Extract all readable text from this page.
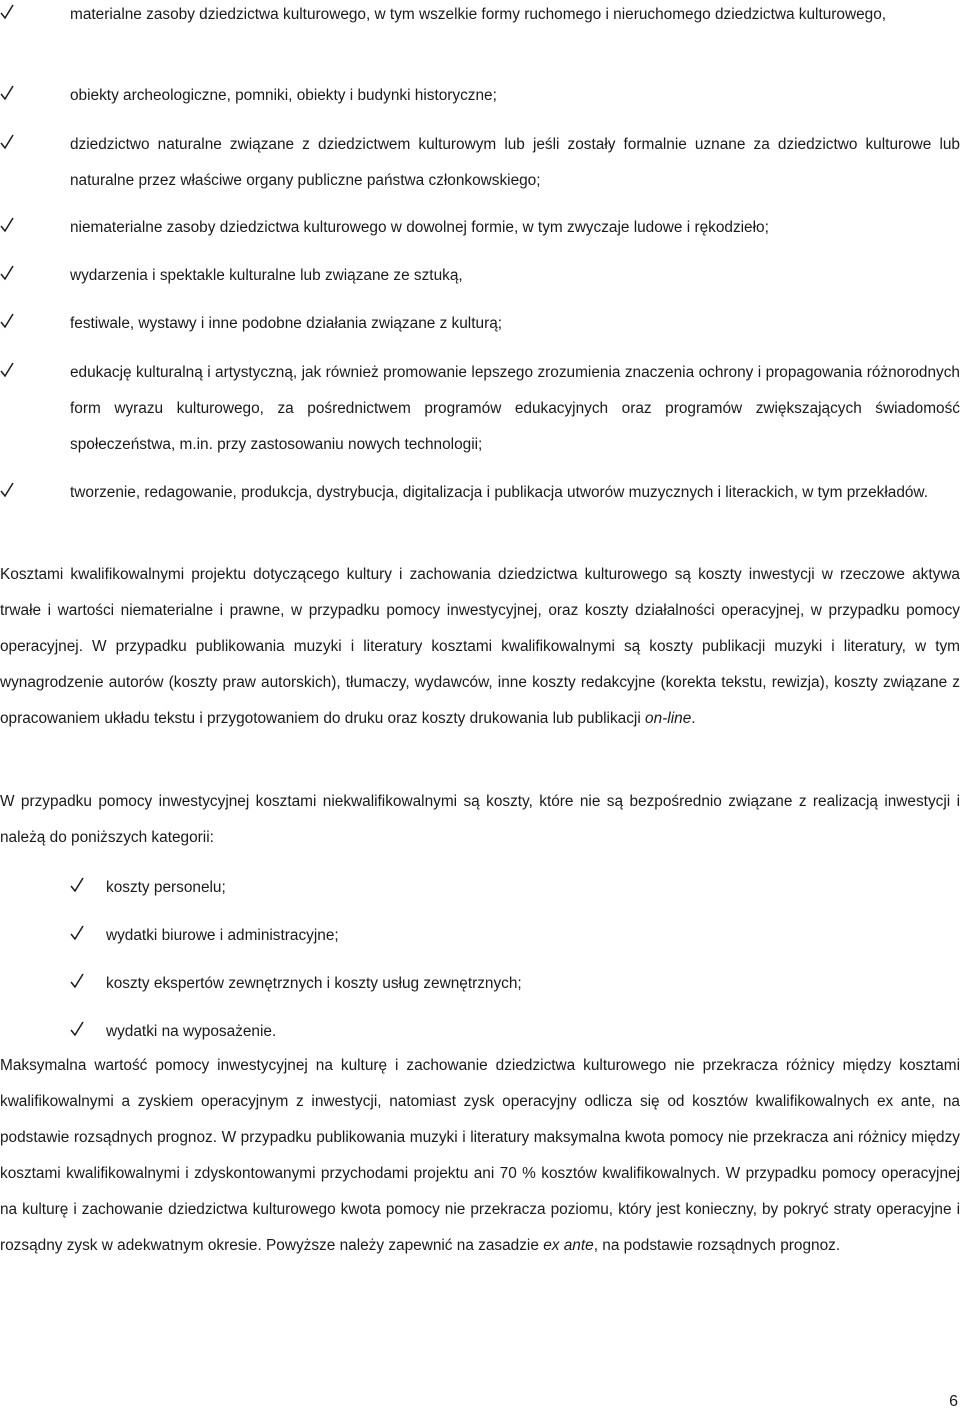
materialne zasoby dziedzictwa kulturowego, w tym wszelkie formy ruchomego i nieruchomego dziedzictwa kulturowego,

obiekty archeologiczne, pomniki, obiekty i budynki historyczne;

dziedzictwo naturalne związane z dziedzictwem kulturowym lub jeśli zostały formalnie uznane za dziedzictwo kulturowe lub naturalne przez właściwe organy publiczne państwa członkowskiego;

niematerialne zasoby dziedzictwa kulturowego w dowolnej formie, w tym zwyczaje ludowe i rękodzieło;

wydarzenia i spektakle kulturalne lub związane ze sztuką,

festiwale, wystawy i inne podobne działania związane z kulturą;

edukację kulturalną i artystyczną, jak również promowanie lepszego zrozumienia znaczenia ochrony i propagowania różnorodnych form wyrazu kulturowego, za pośrednictwem programów edukacyjnych oraz programów zwiększających świadomość społeczeństwa, m.in. przy zastosowaniu nowych technologii;

tworzenie, redagowanie, produkcja, dystrybucja, digitalizacja i publikacja utworów muzycznych i literackich, w tym przekładów.

Kosztami kwalifikowalnymi projektu dotyczącego kultury i zachowania dziedzictwa kulturowego są koszty inwestycji w rzeczowe aktywa trwałe i wartości niematerialne i prawne, w przypadku pomocy inwestycyjnej, oraz koszty działalności operacyjnej, w przypadku pomocy operacyjnej. W przypadku publikowania muzyki i literatury kosztami kwalifikowalnymi są koszty publikacji muzyki i literatury, w tym wynagrodzenie autorów (koszty praw autorskich), tłumaczy, wydawców, inne koszty redakcyjne (korekta tekstu, rewizja), koszty związane z opracowaniem układu tekstu i przygotowaniem do druku oraz koszty drukowania lub publikacji on-line.

W przypadku pomocy inwestycyjnej kosztami niekwalifikowalnymi są koszty, które nie są bezpośrednio związane z realizacją inwestycji i należą do poniższych kategorii:

koszty personelu;

wydatki biurowe i administracyjne;

koszty ekspertów zewnętrznych i koszty usług zewnętrznych;

wydatki na wyposażenie.

Maksymalna wartość pomocy inwestycyjnej na kulturę i zachowanie dziedzictwa kulturowego nie przekracza różnicy między kosztami kwalifikowalnymi a zyskiem operacyjnym z inwestycji, natomiast zysk operacyjny odlicza się od kosztów kwalifikowalnych ex ante, na podstawie rozsądnych prognoz. W przypadku publikowania muzyki i literatury maksymalna kwota pomocy nie przekracza ani różnicy między kosztami kwalifikowalnymi i zdyskontowanymi przychodami projektu ani 70 % kosztów kwalifikowalnych. W przypadku pomocy operacyjnej na kulturę i zachowanie dziedzictwa kulturowego kwota pomocy nie przekracza poziomu, który jest konieczny, by pokryć straty operacyjne i rozsądny zysk w adekwatnym okresie. Powyższe należy zapewnić na zasadzie ex ante, na podstawie rozsądnych prognoz.

6
